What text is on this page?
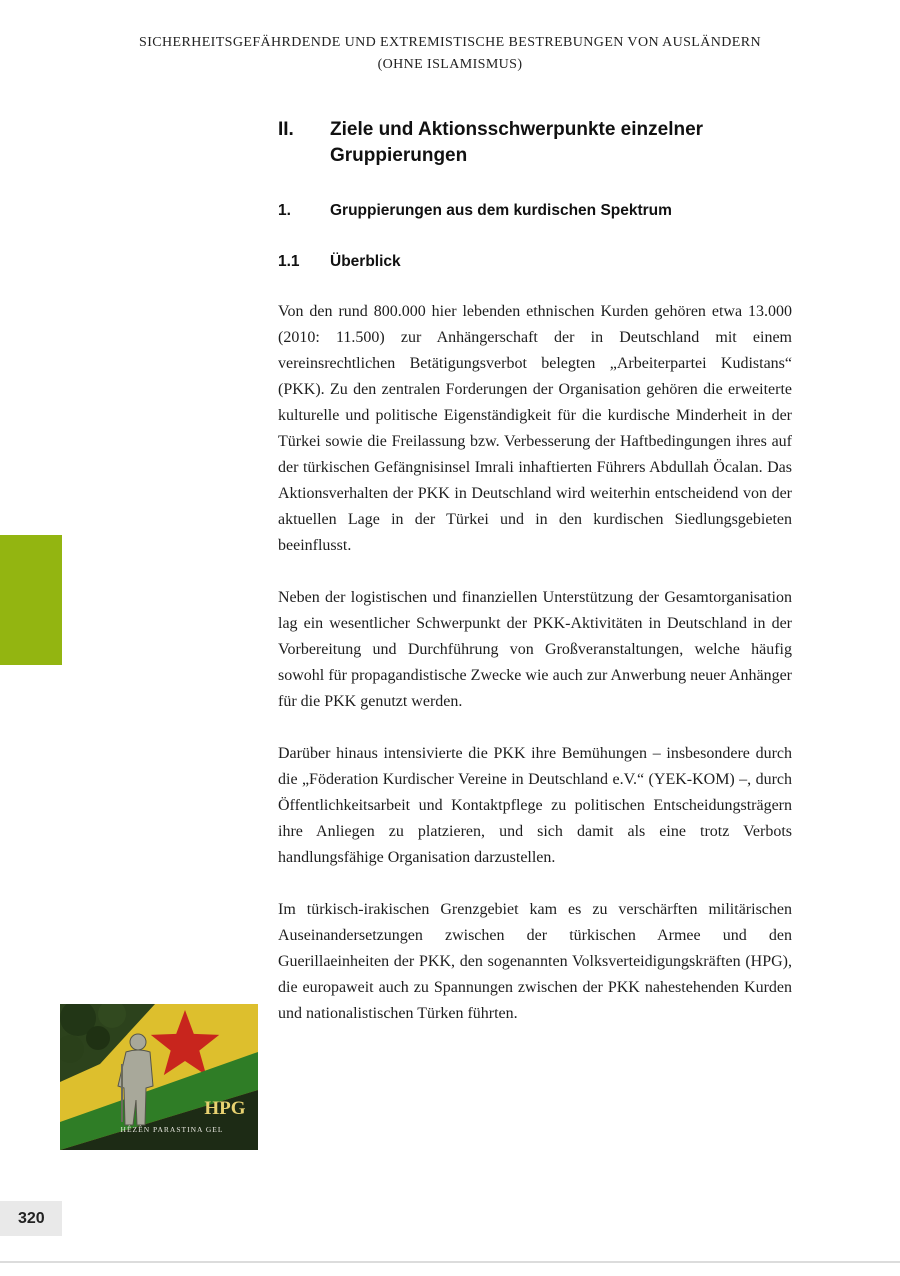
SICHERHEITSGEFÄHRDENDE UND EXTREMISTISCHE BESTREBUNGEN VON AUSLÄNDERN
(OHNE ISLAMISMUS)
II.	Ziele und Aktionsschwerpunkte einzelner Gruppierungen
1.	Gruppierungen aus dem kurdischen Spektrum
1.1	Überblick

Von den rund 800.000 hier lebenden ethnischen Kurden gehören etwa 13.000 (2010: 11.500) zur Anhängerschaft der in Deutschland mit einem vereinsrechtlichen Betätigungsverbot belegten „Arbeiterpartei Kudistans“ (PKK). Zu den zentralen Forderungen der Organisation gehören die erweiterte kulturelle und politische Eigenständigkeit für die kurdische Minderheit in der Türkei sowie die Freilassung bzw. Verbesserung der Haftbedingungen ihres auf der türkischen Gefängnisinsel Imrali inhaftierten Führers Abdullah Öcalan. Das Aktionsverhalten der PKK in Deutschland wird weiterhin entscheidend von der aktuellen Lage in der Türkei und in den kurdischen Siedlungsgebieten beeinflusst.

Neben der logistischen und finanziellen Unterstützung der Gesamtorganisation lag ein wesentlicher Schwerpunkt der PKK-Aktivitäten in Deutschland in der Vorbereitung und Durchführung von Großveranstaltungen, welche häufig sowohl für propagandistische Zwecke wie auch zur Anwerbung neuer Anhänger für die PKK genutzt werden.

Darüber hinaus intensivierte die PKK ihre Bemühungen – insbesondere durch die „Föderation Kurdischer Vereine in Deutschland e.V.“ (YEK-KOM) –, durch Öffentlichkeitsarbeit und Kontaktpflege zu politischen Entscheidungsträgern ihre Anliegen zu platzieren, und sich damit als eine trotz Verbots handlungsfähige Organisation darzustellen.

Im türkisch-irakischen Grenzgebiet kam es zu verschärften militärischen Auseinandersetzungen zwischen der türkischen Armee und den Guerillaeinheiten der PKK, den sogenannten Volksverteidigungskräften (HPG), die europaweit auch zu Spannungen zwischen der PKK nahestehenden Kurden und nationalistischen Türken führten.

HPG
HÊZÊN PARASTINA GEL
320
